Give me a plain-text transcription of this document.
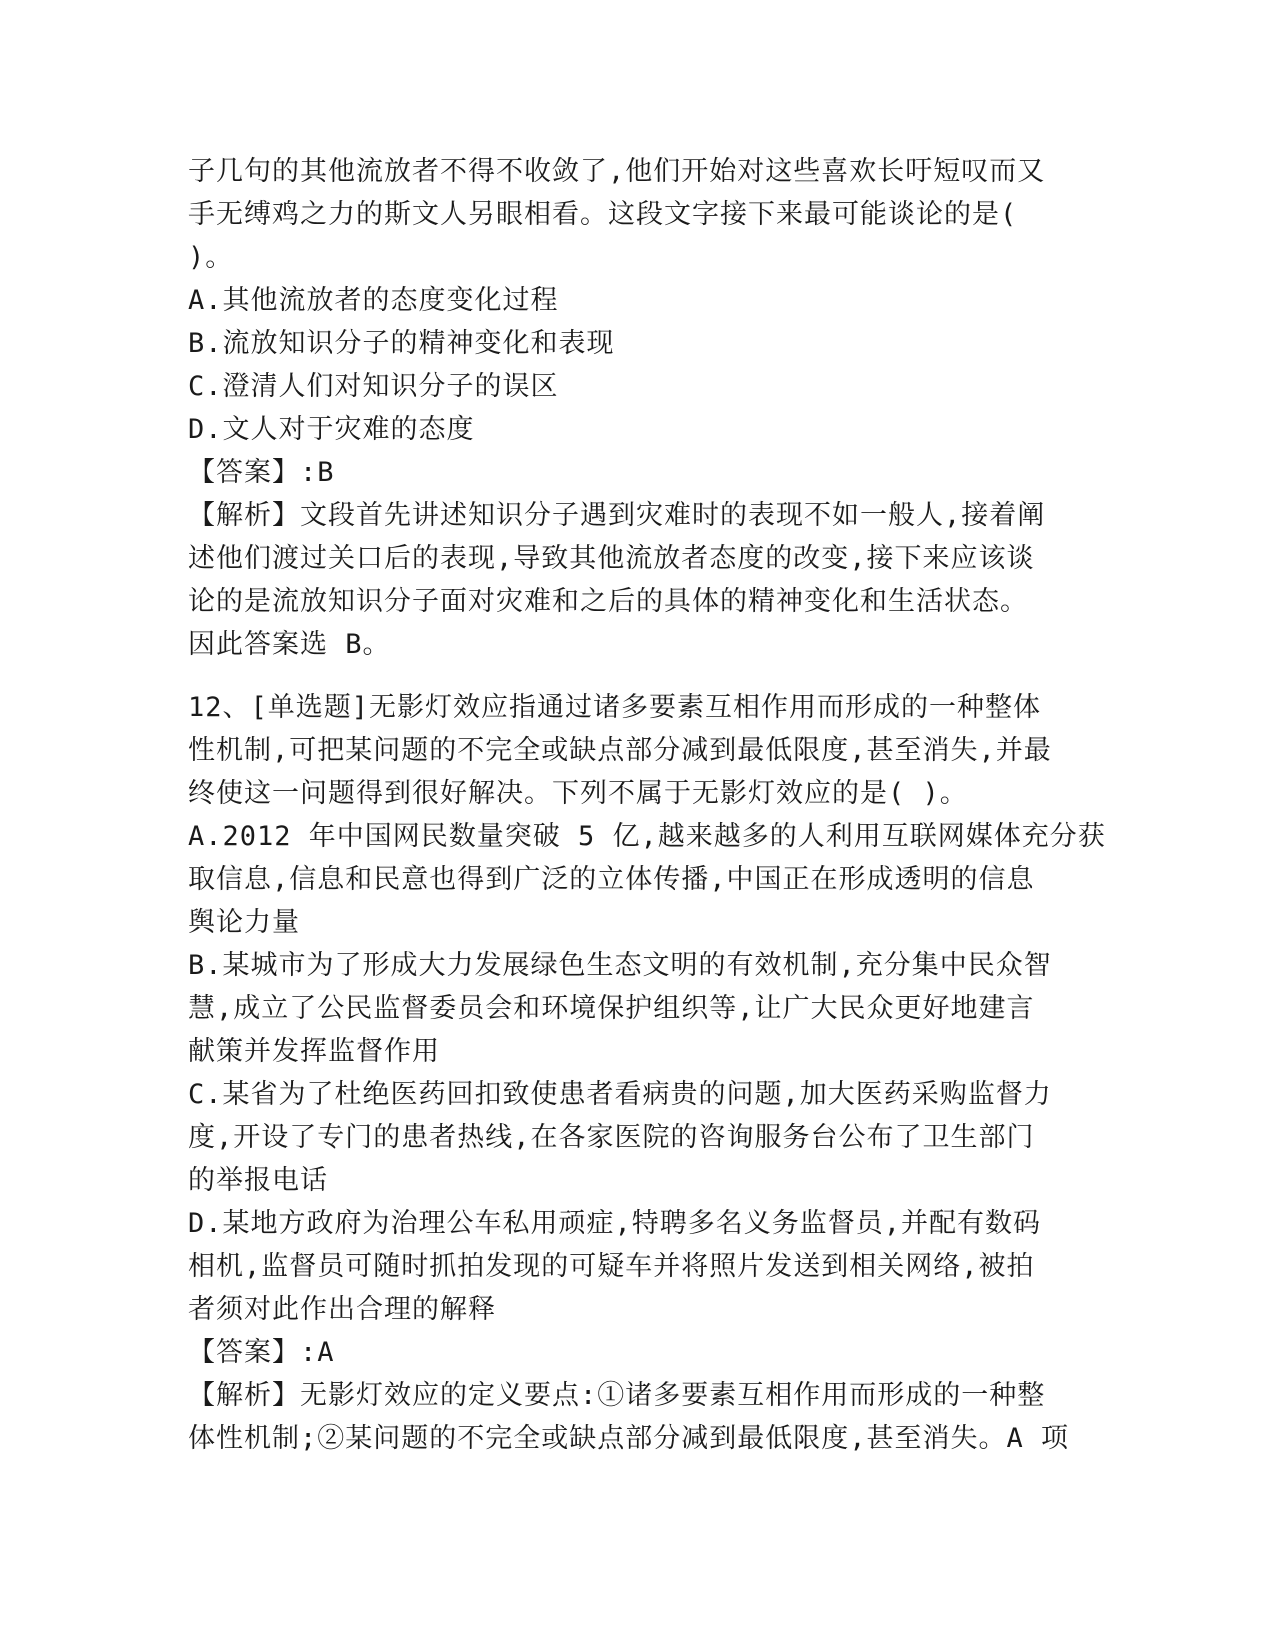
子几句的其他流放者不得不收敛了,他们开始对这些喜欢长吁短叹而又
手无缚鸡之力的斯文人另眼相看。这段文字接下来最可能谈论的是(
)。
A.其他流放者的态度变化过程
B.流放知识分子的精神变化和表现
C.澄清人们对知识分子的误区
D.文人对于灾难的态度
【答案】:B
【解析】文段首先讲述知识分子遇到灾难时的表现不如一般人,接着阐
述他们渡过关口后的表现,导致其他流放者态度的改变,接下来应该谈
论的是流放知识分子面对灾难和之后的具体的精神变化和生活状态。
因此答案选 B。
12、[单选题]无影灯效应指通过诸多要素互相作用而形成的一种整体
性机制,可把某问题的不完全或缺点部分减到最低限度,甚至消失,并最
终使这一问题得到很好解决。下列不属于无影灯效应的是( )。
A.2012 年中国网民数量突破 5 亿,越来越多的人利用互联网媒体充分获
取信息,信息和民意也得到广泛的立体传播,中国正在形成透明的信息
舆论力量
B.某城市为了形成大力发展绿色生态文明的有效机制,充分集中民众智
慧,成立了公民监督委员会和环境保护组织等,让广大民众更好地建言
献策并发挥监督作用
C.某省为了杜绝医药回扣致使患者看病贵的问题,加大医药采购监督力
度,开设了专门的患者热线,在各家医院的咨询服务台公布了卫生部门
的举报电话
D.某地方政府为治理公车私用顽症,特聘多名义务监督员,并配有数码
相机,监督员可随时抓拍发现的可疑车并将照片发送到相关网络,被拍
者须对此作出合理的解释
【答案】:A
【解析】无影灯效应的定义要点:①诸多要素互相作用而形成的一种整
体性机制;②某问题的不完全或缺点部分减到最低限度,甚至消失。A 项
